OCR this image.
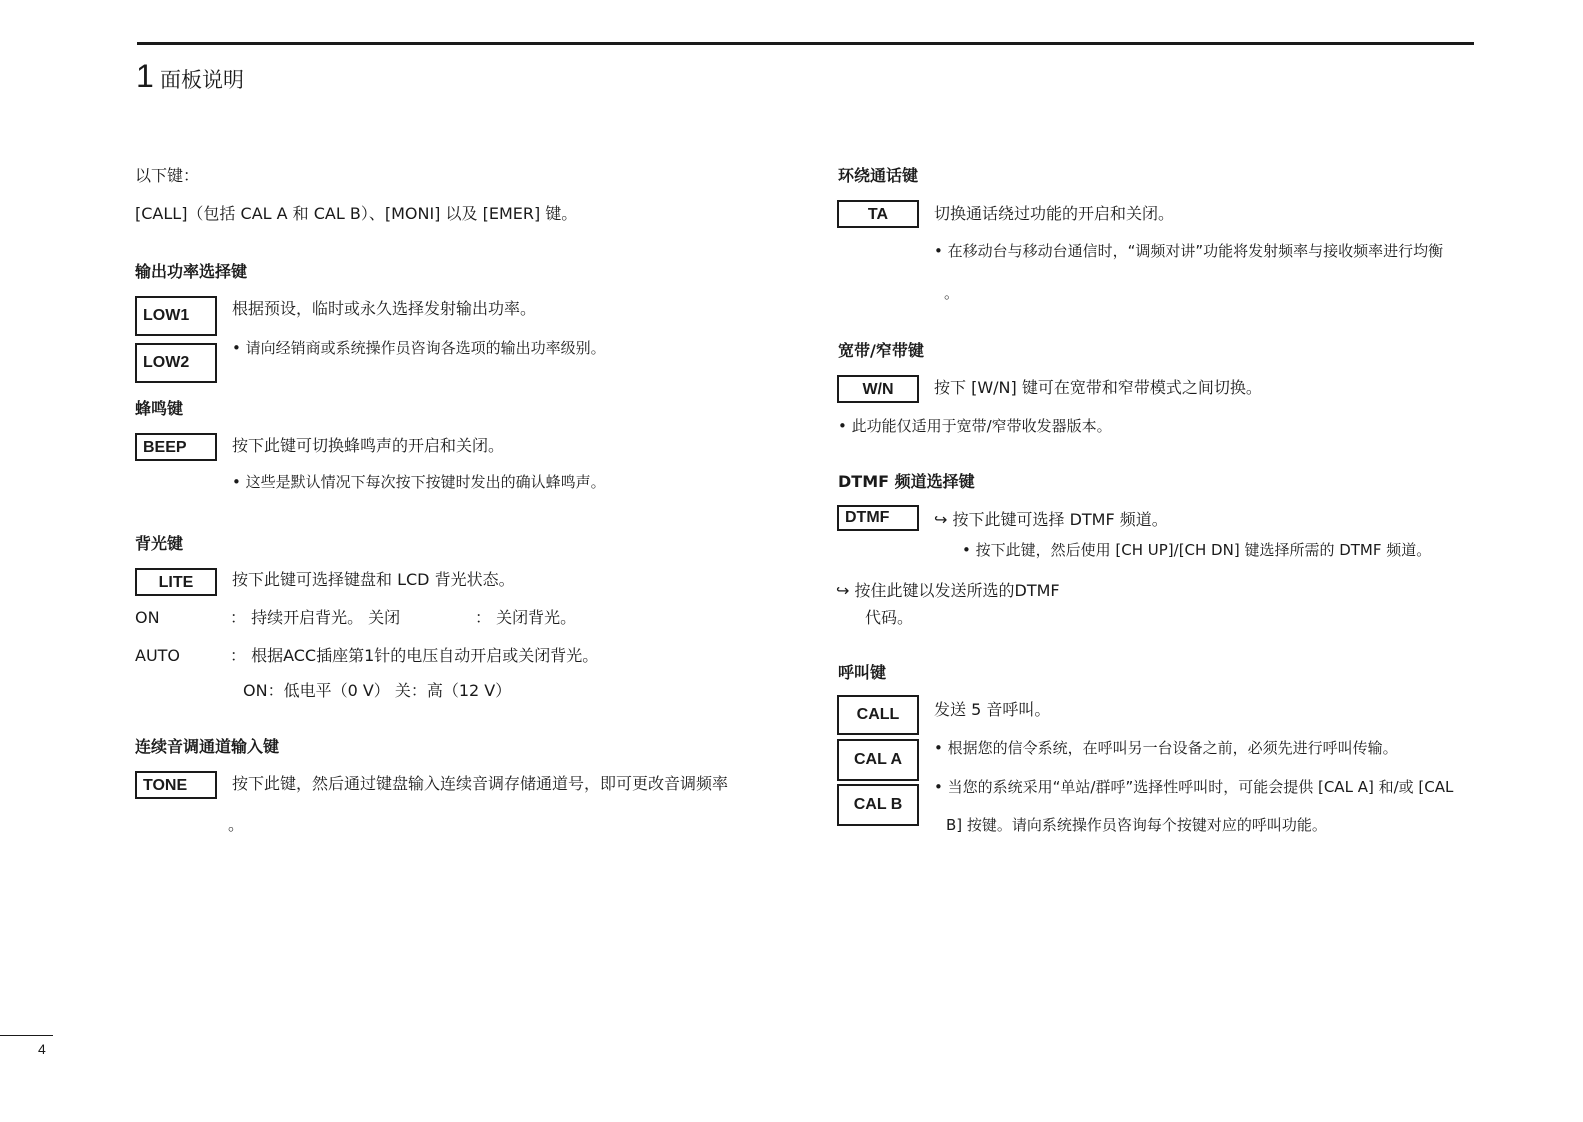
1 面板说明
以下键：
[CALL]（包括 CAL A 和 CAL B）、[MONI] 以及 [EMER] 键。
输出功率选择键
LOW1
LOW2
根据预设，临时或永久选择发射输出功率。
• 请向经销商或系统操作员咨询各选项的输出功率级别。
蜂鸣键
BEEP	按下此键可切换蜂鸣声的开启和关闭。
• 这些是默认情况下每次按下按键时发出的确认蜂鸣声。
背光键
LITE	按下此键可选择键盘和 LCD 背光状态。
ON	： 持续开启背光。 关闭	： 关闭背光。
AUTO	： 根据ACC插座第1针的电压自动开启或关闭背光。
ON：低电平（0 V） 关：高（12 V）
连续音调通道输入键
TONE	按下此键，然后通过键盘输入连续音调存储通道号，即可更改音调频率
。
环绕通话键
TA	切换通话绕过功能的开启和关闭。
• 在移动台与移动台通信时，“调频对讲”功能将发射频率与接收频率进行均衡
。
宽带/窄带键
W/N	按下 [W/N] 键可在宽带和窄带模式之间切换。
• 此功能仅适用于宽带/窄带收发器版本。
DTMF 频道选择键
DTMF	↪ 按下此键可选择 DTMF 频道。
• 按下此键，然后使用 [CH UP]/[CH DN] 键选择所需的 DTMF 频道。
↪ 按住此键以发送所选的DTMF
代码。
呼叫键
CALL
CAL A
CAL B
发送 5 音呼叫。
• 根据您的信令系统，在呼叫另一台设备之前，必须先进行呼叫传输。
• 当您的系统采用“单站/群呼”选择性呼叫时，可能会提供 [CAL A] 和/或 [CAL
B] 按键。请向系统操作员咨询每个按键对应的呼叫功能。
4
